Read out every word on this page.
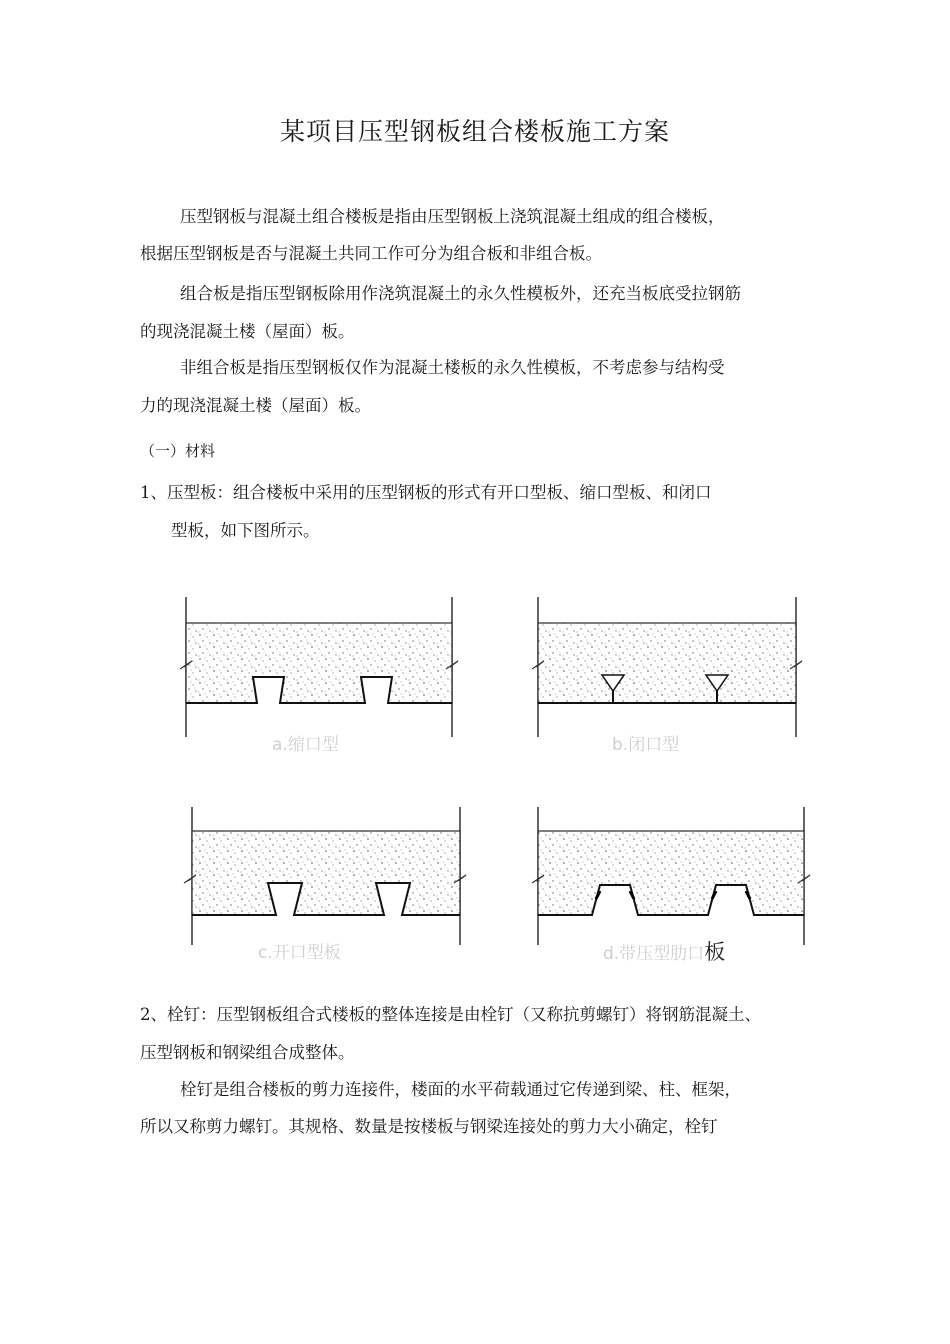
某项目压型钢板组合楼板施工方案
压型钢板与混凝土组合楼板是指由压型钢板上浇筑混凝土组成的组合楼板，
根据压型钢板是否与混凝土共同工作可分为组合板和非组合板。
组合板是指压型钢板除用作浇筑混凝土的永久性模板外，还充当板底受拉钢筋
的现浇混凝土楼（屋面）板。
非组合板是指压型钢板仅作为混凝土楼板的永久性模板，不考虑参与结构受
力的现浇混凝土楼（屋面）板。
（一）材料
1、压型板：组合楼板中采用的压型钢板的形式有开口型板、缩口型板、和闭口
型板，如下图所示。
a.缩口型	b.闭口型
c.开口型板	d.带压型肋口板
2、栓钉：压型钢板组合式楼板的整体连接是由栓钉（又称抗剪螺钉）将钢筋混凝土、
压型钢板和钢梁组合成整体。
栓钉是组合楼板的剪力连接件，楼面的水平荷载通过它传递到梁、柱、框架，
所以又称剪力螺钉。其规格、数量是按楼板与钢梁连接处的剪力大小确定，栓钉
